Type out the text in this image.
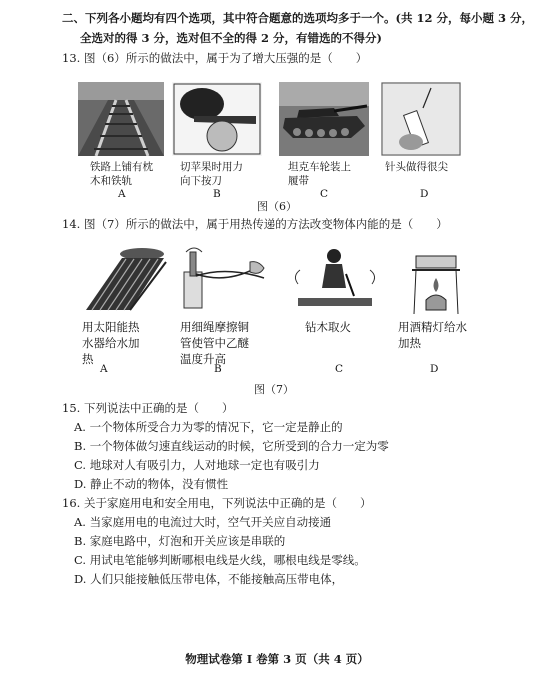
二、下列各小题均有四个选项，其中符合题意的选项均多于一个。(共 12 分，每小题 3 分，
全选对的得 3 分，选对但不全的得 2 分，有错选的不得分)
13. 图（6）所示的做法中，属于为了增大压强的是（　　）
铁路上铺有枕
木和铁轨
A
切苹果时用力
向下按刀
B
坦克车轮装上
履带
C
针头做得很尖
D
图（6）
14. 图（7）所示的做法中，属于用热传递的方法改变物体内能的是（　　）
用太阳能热
水器给水加
热
A
用细绳摩擦铜
管使管中乙醚
温度升高
B
钻木取火
C
用酒精灯给水
加热
D
图（7）
15. 下列说法中正确的是（　　）
A. 一个物体所受合力为零的情况下，它一定是静止的
B. 一个物体做匀速直线运动的时候，它所受到的合力一定为零
C. 地球对人有吸引力，人对地球一定也有吸引力
D. 静止不动的物体，没有惯性
16. 关于家庭用电和安全用电，下列说法中正确的是（　　）
A. 当家庭用电的电流过大时，空气开关应自动接通
B. 家庭电路中，灯泡和开关应该是串联的
C. 用试电笔能够判断哪根电线是火线，哪根电线是零线。
D. 人们只能接触低压带电体，不能接触高压带电体，
物理试卷第 I 卷第 3 页（共 4 页）
